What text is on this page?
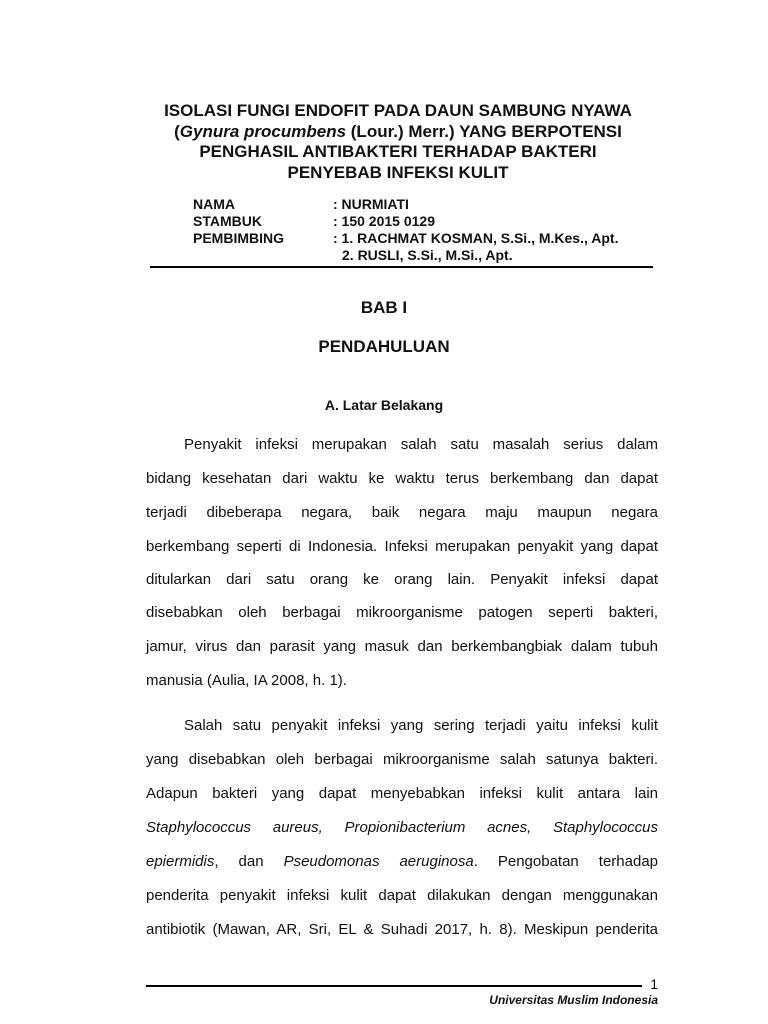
ISOLASI FUNGI ENDOFIT PADA DAUN SAMBUNG NYAWA
(Gynura procumbens (Lour.) Merr.) YANG BERPOTENSI
PENGHASIL ANTIBAKTERI TERHADAP BAKTERI
PENYEBAB INFEKSI KULIT
NAMA	: NURMIATI
STAMBUK	: 150 2015 0129
PEMBIMBING	: 1. RACHMAT KOSMAN, S.Si., M.Kes., Apt.
2. RUSLI, S.Si., M.Si., Apt.
BAB I
PENDAHULUAN
A. Latar Belakang
Penyakit infeksi merupakan salah satu masalah serius dalam
bidang kesehatan dari waktu ke waktu terus berkembang dan dapat
terjadi dibeberapa negara, baik negara maju maupun negara
berkembang seperti di Indonesia. Infeksi merupakan penyakit yang dapat
ditularkan dari satu orang ke orang lain. Penyakit infeksi dapat
disebabkan oleh berbagai mikroorganisme patogen seperti bakteri,
jamur, virus dan parasit yang masuk dan berkembangbiak dalam tubuh
manusia (Aulia, IA 2008, h. 1).
Salah satu penyakit infeksi yang sering terjadi yaitu infeksi kulit
yang disebabkan oleh berbagai mikroorganisme salah satunya bakteri.
Adapun bakteri yang dapat menyebabkan infeksi kulit antara lain
Staphylococcus aureus, Propionibacterium acnes, Staphylococcus
epiermidis, dan Pseudomonas aeruginosa. Pengobatan terhadap
penderita penyakit infeksi kulit dapat dilakukan dengan menggunakan
antibiotik (Mawan, AR, Sri, EL & Suhadi 2017, h. 8). Meskipun penderita
1
Universitas Muslim Indonesia
